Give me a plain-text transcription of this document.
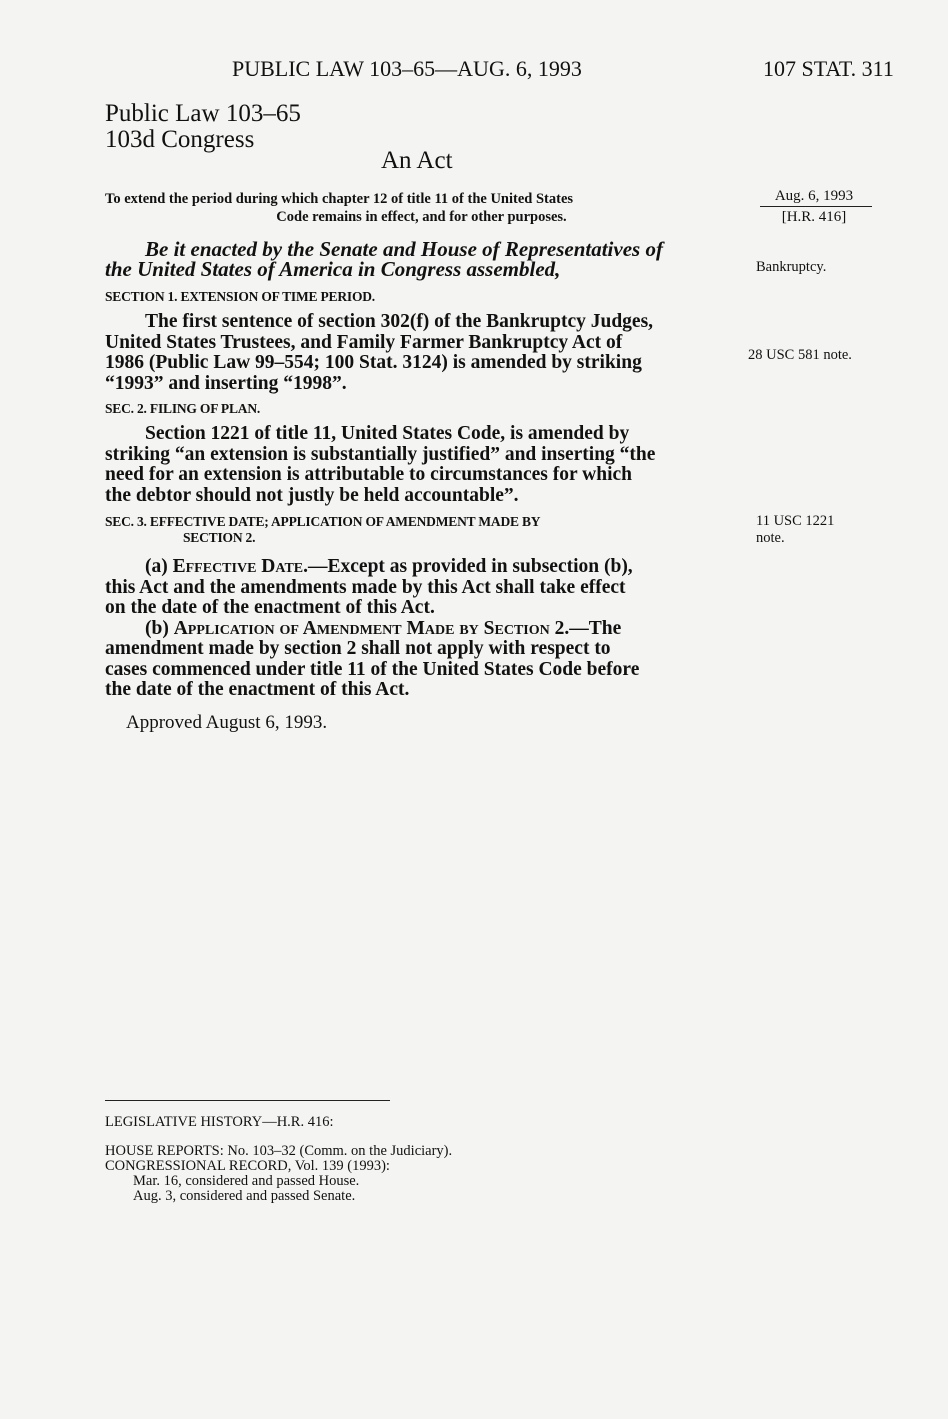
PUBLIC LAW 103–65—AUG. 6, 1993	107 STAT. 311
Public Law 103–65
103d Congress
An Act
To extend the period during which chapter 12 of title 11 of the United States
Code remains in effect, and for other purposes.
Aug. 6, 1993
[H.R. 416]
Bankruptcy.
28 USC 581 note.
11 USC 1221
note.
Be it enacted by the Senate and House of Representatives of
the United States of America in Congress assembled,
SECTION 1. EXTENSION OF TIME PERIOD.
The first sentence of section 302(f) of the Bankruptcy Judges,
United States Trustees, and Family Farmer Bankruptcy Act of
1986 (Public Law 99–554; 100 Stat. 3124) is amended by striking
“1993” and inserting “1998”.
SEC. 2. FILING OF PLAN.
Section 1221 of title 11, United States Code, is amended by
striking “an extension is substantially justified” and inserting “the
need for an extension is attributable to circumstances for which
the debtor should not justly be held accountable”.
SEC. 3. EFFECTIVE DATE; APPLICATION OF AMENDMENT MADE BY
SECTION 2.
(a) Effective Date.—Except as provided in subsection (b),
this Act and the amendments made by this Act shall take effect
on the date of the enactment of this Act.
(b) Application of Amendment Made by Section 2.—The
amendment made by section 2 shall not apply with respect to
cases commenced under title 11 of the United States Code before
the date of the enactment of this Act.
Approved August 6, 1993.
LEGISLATIVE HISTORY—H.R. 416:
HOUSE REPORTS: No. 103–32 (Comm. on the Judiciary).
CONGRESSIONAL RECORD, Vol. 139 (1993):
Mar. 16, considered and passed House.
Aug. 3, considered and passed Senate.
